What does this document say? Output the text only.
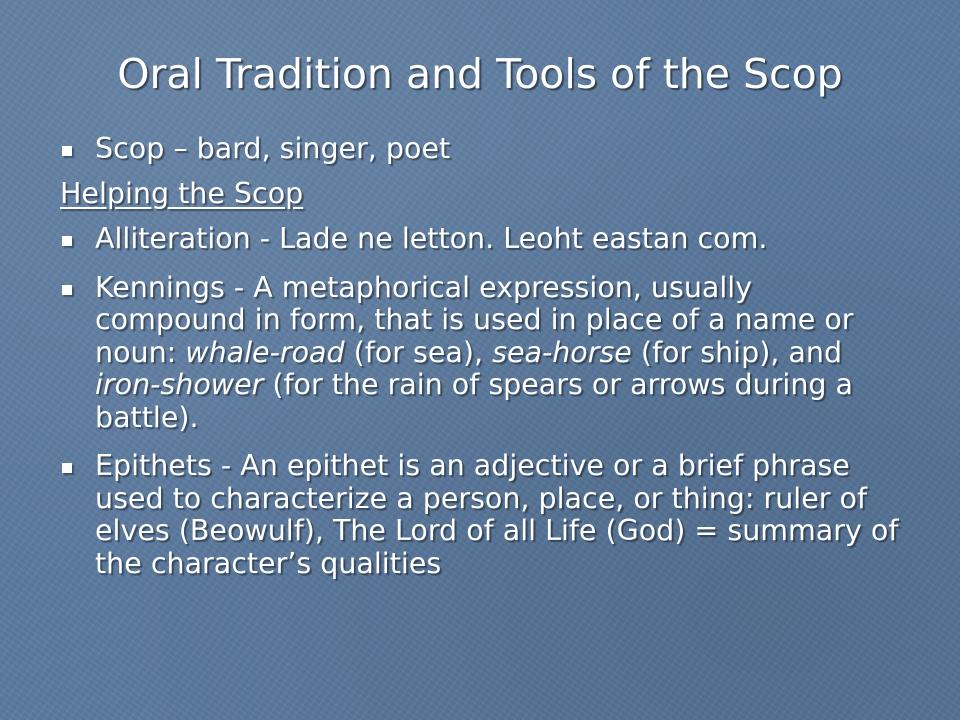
Oral Tradition and Tools of the Scop
Scop – bard, singer, poet
Helping the Scop
Alliteration - Lade ne letton. Leoht eastan com.
Kennings - A metaphorical expression, usually compound in form, that is used in place of a name or noun: whale-road (for sea), sea-horse (for ship), and iron-shower (for the rain of spears or arrows during a battle).
Epithets - An epithet is an adjective or a brief phrase used to characterize a person, place, or thing: ruler of elves (Beowulf), The Lord of all Life (God) = summary of the character’s qualities
